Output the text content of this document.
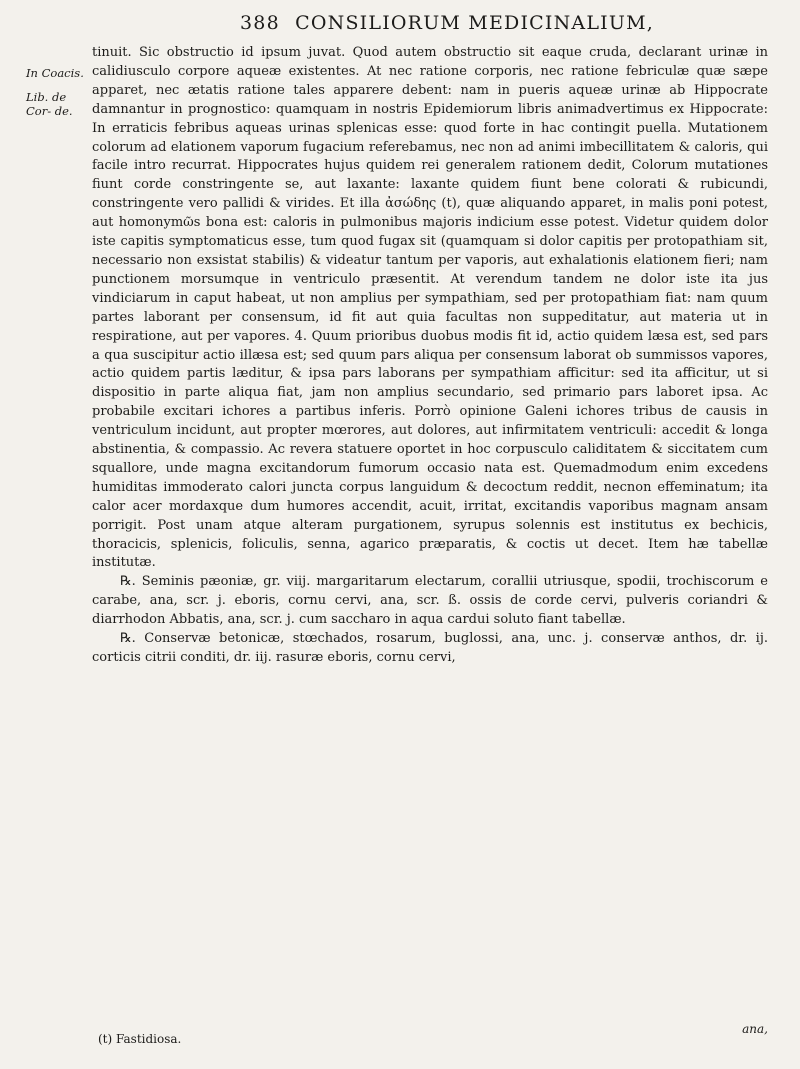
388 CONSILIORUM MEDICINALIUM,
In Coacis.
Lib. de Cor- de.

tinuit. Sic obstructio id ipsum juvat. Quod autem obstructio sit eaque cruda, declarant urinæ in calidiusculo corpore aqueæ existentes. At nec ratione corporis, nec ratione febriculæ quæ sæpe apparet, nec ætatis ratione tales apparere debent: nam in pueris aqueæ urinæ ab Hippocrate damnantur in prognostico: quamquam in nostris Epidemiorum libris animadvertimus ex Hippocrate: In erraticis febribus aqueas urinas splenicas esse: quod forte in hac contingit puella. Mutationem colorum ad elationem vaporum fugacium referebamus, nec non ad animi imbecillitatem & caloris, qui facile intro recurrat. Hippocrates hujus quidem rei generalem rationem dedit, Colorum mutationes fiunt corde constringente se, aut laxante: laxante quidem fiunt bene colorati & rubicundi, constringente vero pallidi & virides. Et illa ἀσώδης (t), quæ aliquando apparet, in malis poni potest, aut homonymῶs bona est: caloris in pulmonibus majoris indicium esse potest. Videtur quidem dolor iste capitis symptomaticus esse, tum quod fugax sit (quamquam si dolor capitis per protopathiam sit, necessario non exsistat stabilis) & videatur tantum per vaporis, aut exhalationis elationem fieri; nam punctionem morsumque in ventriculo præsentit. At verendum tandem ne dolor iste ita jus vindiciarum in caput habeat, ut non amplius per sympathiam, sed per protopathiam fiat: nam quum partes laborant per consensum, id fit aut quia facultas non suppeditatur, aut materia ut in respiratione, aut per vapores. 4. Quum prioribus duobus modis fit id, actio quidem læsa est, sed pars a qua suscipitur actio illæsa est; sed quum pars aliqua per consensum laborat ob summissos vapores, actio quidem partis læditur, & ipsa pars laborans per sympathiam afficitur: sed ita afficitur, ut si dispositio in parte aliqua fiat, jam non amplius secundario, sed primario pars laboret ipsa. Ac probabile excitari ichores a partibus inferis. Porrò opinione Galeni ichores tribus de causis in ventriculum incidunt, aut propter mœrores, aut dolores, aut infirmitatem ventriculi: accedit & longa abstinentia, & compassio. Ac revera statuere oportet in hoc corpusculo caliditatem & siccitatem cum squallore, unde magna excitandorum fumorum occasio nata est. Quemadmodum enim excedens humiditas immoderato calori juncta corpus languidum & decoctum reddit, necnon effeminatum; ita calor acer mordaxque dum humores accendit, acuit, irritat, excitandis vaporibus magnam ansam porrigit. Post unam atque alteram purgationem, syrupus solennis est institutus ex bechicis, thoracicis, splenicis, foliculis, senna, agarico præparatis, & coctis ut decet. Item hæ tabellæ institutæ.

℞. Seminis pæoniæ, gr. viij. margaritarum electarum, corallii utriusque, spodii, trochiscorum e carabe, ana, scr. j. eboris, cornu cervi, ana, scr. ß. ossis de corde cervi, pulveris coriandri & diarrhodon Abbatis, ana, scr. j. cum saccharo in aqua cardui soluto fiant tabellæ.

℞. Conservæ betonicæ, stœchados, rosarum, buglossi, ana, unc. j. conservæ anthos, dr. ij. corticis citrii conditi, dr. iij. rasuræ eboris, cornu cervi,

(t) Fastidiosa.
ana,
